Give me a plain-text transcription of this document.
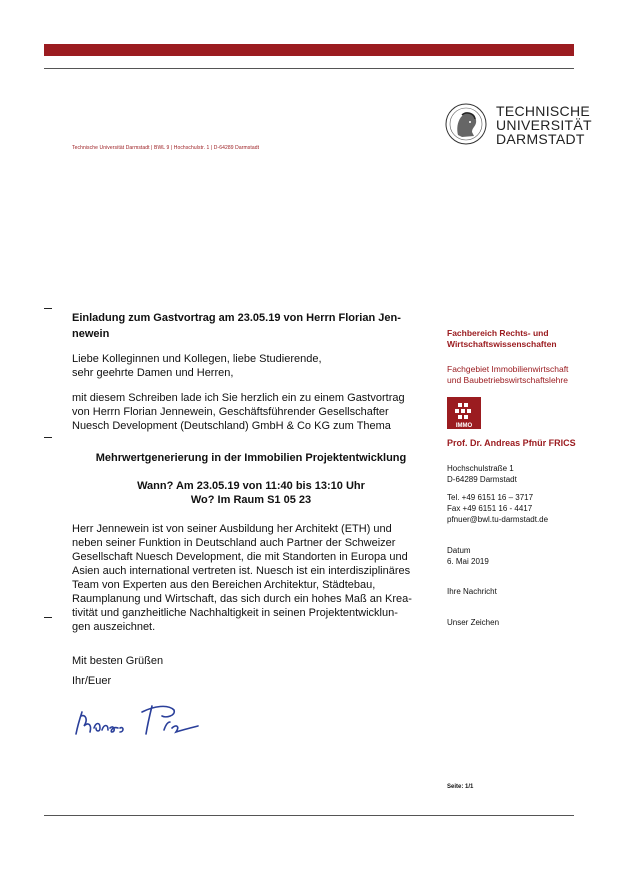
Technische Universität Darmstadt | BWL 9 | Hochschulstr. 1 | D-64289 Darmstadt
TECHNISCHE
UNIVERSITÄT
DARMSTADT
Einladung zum Gastvortrag am 23.05.19 von Herrn Florian Jen-
newein
Liebe Kolleginnen und Kollegen, liebe Studierende,
sehr geehrte Damen und Herren,
mit diesem Schreiben lade ich Sie herzlich ein zu einem Gastvortrag
von Herrn Florian Jennewein, Geschäftsführender Gesellschafter
Nuesch Development (Deutschland) GmbH & Co KG zum Thema
Mehrwertgenerierung in der Immobilien Projektentwicklung
Wann? Am 23.05.19 von 11:40 bis 13:10 Uhr
Wo? Im Raum S1 05 23
Herr Jennewein ist von seiner Ausbildung her Architekt (ETH) und
neben seiner Funktion in Deutschland auch Partner der Schweizer
Gesellschaft Nuesch Development, die mit Standorten in Europa und
Asien auch international vertreten ist. Nuesch ist ein interdisziplinäres
Team von Experten aus den Bereichen Architektur, Städtebau,
Raumplanung und Wirtschaft, das sich durch ein hohes Maß an Krea-
tivität und ganzheitliche Nachhaltigkeit in seinen Projektentwicklun-
gen auszeichnet.
Mit besten Grüßen
Ihr/Euer
Fachbereich Rechts- und
Wirtschaftswissenschaften
Fachgebiet Immobilienwirtschaft
und Baubetriebswirtschaftslehre
IMMO
Prof. Dr. Andreas Pfnür FRICS
Hochschulstraße 1
D-64289 Darmstadt
Tel. +49 6151 16 – 3717
Fax +49 6151 16 - 4417
pfnuer@bwl.tu-darmstadt.de
Datum
6. Mai 2019
Ihre Nachricht
Unser Zeichen
Seite: 1/1
